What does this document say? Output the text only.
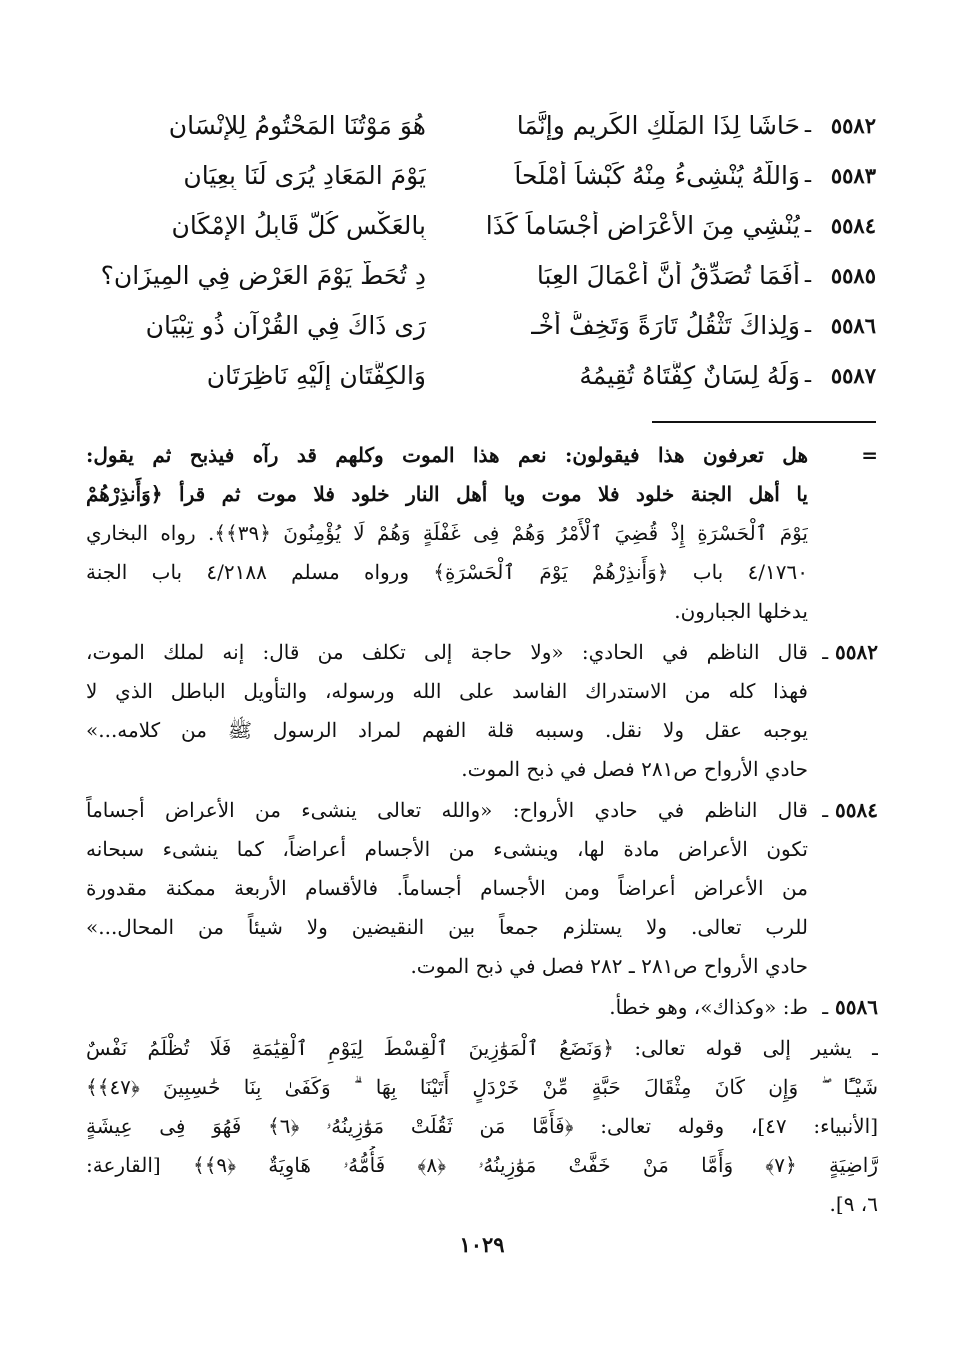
٥٥٨٢
ـ
حَاشَا لِذَا المَلْكِ الكَرِيمِ وإنَّمَا
هُوَ مَوْتُنَا المَحْتُومُ لِلإنْسَانِ
٥٥٨٣
ـ
وَاللّهُ يُنْشِىءُ مِنْهُ كَبْشاً أمْلَحاً
يَوْمَ المَعَادِ يُرَى لَنَا بِعِيَانِ
٥٥٨٤
ـ
يُنْشِي مِنَ الأعْرَاضِ أجْسَاماً كَذَا
بِالعَكْسِ كُلٌّ قَابِلُ الإمْكَانِ
٥٥٨٥
ـ
أفَمَا تُصَدِّقُ أنَّ أعْمَالَ العِبَا
دِ تُحَطُّ يَوْمَ العَرْضِ فِي المِيزَانِ؟
٥٥٨٦
ـ
وَلِذاكَ تَثْقُلُ تَارَةً وَتَخِفُّ أُخْـ
رَى ذَاكَ فِي القُرْآنِ ذُو تِبْيَانِ
٥٥٨٧
ـ
وَلَهُ لِسَانٌ كِفَّتَاهُ تُقِيمُهُ
وَالكِفَّتَانِ إلَيْهِ نَاظِرَتَانِ
=
هل تعرفون هذا فيقولون: نعم هذا الموت وكلهم قد رآه فيذبح ثم يقول:
يا أهل الجنة خلود فلا موت ويا أهل النار خلود فلا موت ثم قرأ ﴿وَأَنذِرْهُمْ
يَوْمَ ٱلْحَسْرَةِ إِذْ قُضِيَ ٱلْأَمْرُ وَهُمْ فِى غَفْلَةٍ وَهُمْ لَا يُؤْمِنُونَ ﴿٣٩﴾﴾. رواه البخاري
٤/١٧٦٠ باب ﴿وَأَنذِرْهُمْ يَوْمَ ٱلْحَسْرَةِ﴾ ورواه مسلم ٤/٢١٨٨ باب الجنة
يدخلها الجبارون.
٥٥٨٢ ـ
قال الناظم في الحادي: «ولا حاجة إلى تكلف من قال: إنه لملك الموت،
فهذا كله من الاستدراك الفاسد على الله ورسوله، والتأويل الباطل الذي لا
يوجبه عقل ولا نقل. وسببه قلة الفهم لمراد الرسول ﷺ من كلامه...»
حادي الأرواح ص٢٨١ فصل في ذبح الموت.
٥٥٨٤ ـ
قال الناظم في حادي الأرواح: «والله تعالى ينشىء من الأعراض أجساماً
تكون الأعراض مادة لها، وينشىء من الأجسام أعراضاً، كما ينشىء سبحانه
من الأعراض أعراضاً ومن الأجسام أجساماً. فالأقسام الأربعة ممكنة مقدورة
للرب تعالى. ولا يستلزم جمعاً بين النقيضين ولا شيئاً من المحال...»
حادي الأرواح ص٢٨١ ـ ٢٨٢ فصل في ذبح الموت.
٥٥٨٦ ـ
ط: «وكذاك»، وهو خطأ.
ـ يشير إلى قوله تعالى: ﴿وَنَضَعُ ٱلْمَوَٰزِينَ ٱلْقِسْطَ لِيَوْمِ ٱلْقِيَٰمَةِ فَلَا تُظْلَمُ نَفْسٌ
شَيْـًٔا ۖ وَإِن كَانَ مِثْقَالَ حَبَّةٍ مِّنْ خَرْدَلٍ أَتَيْنَا بِهَا ۗ وَكَفَىٰ بِنَا حَٰسِبِينَ ﴿٤٧﴾﴾
[الأنبياء: ٤٧]، وقوله تعالى: ﴿فَأَمَّا مَن ثَقُلَتْ مَوَٰزِينُهُۥ ﴿٦﴾ فَهُوَ فِى عِيشَةٍ
رَّاضِيَةٍ ﴿٧﴾ وَأَمَّا مَنْ خَفَّتْ مَوَٰزِينُهُۥ ﴿٨﴾ فَأُمُّهُۥ هَاوِيَةٌ ﴿٩﴾﴾ [القارعة:
٦، ٩].
١٠٢٩
